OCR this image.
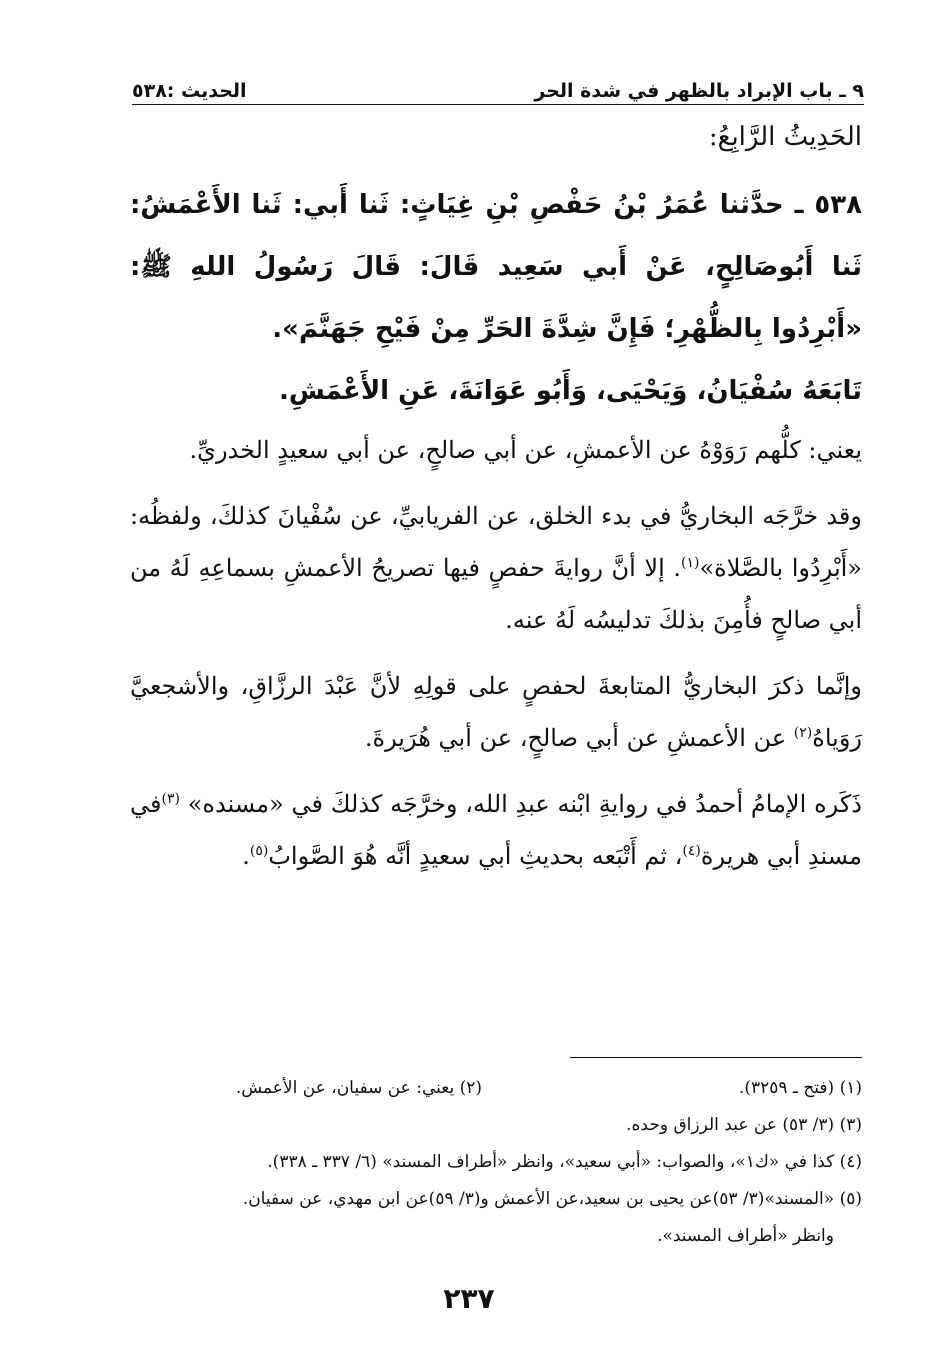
٩ ـ باب الإبراد بالظهر في شدة الحر
الحديث :٥٣٨

الحَدِيثُ الرَّابِعُ:

٥٣٨ ـ حدَّثنا عُمَرُ بْنُ حَفْصِ بْنِ غِيَاثٍ: ثَنا أَبي: ثَنا الأَعْمَشُ: ثَنا أَبُوصَالِحٍ، عَنْ أَبي سَعِيد قَالَ: قَالَ رَسُولُ اللهِ ﷺ: «أَبْرِدُوا بِالظُّهْرِ؛ فَإِنَّ شِدَّةَ الحَرِّ مِنْ فَيْحِ جَهَنَّمَ».

تَابَعَهُ سُفْيَانُ، وَيَحْيَى، وَأَبُو عَوَانَةَ، عَنِ الأَعْمَشِ.

يعني: كلُّهم رَوَوْهُ عن الأعمشِ، عن أبي صالحٍ، عن أبي سعيدٍ الخدريِّ.

وقد خرَّجَه البخاريُّ في بدء الخلق، عن الفريابيِّ، عن سُفْيانَ كذلكَ، ولفظُه: «أَبْرِدُوا بالصَّلاة»$^{(١)}$. إلا أنَّ روايةَ حفصٍ فيها تصريحُ الأعمشِ بسماعِهِ لَهُ من أبي صالحٍ فأُمِنَ بذلكَ تدليسُه لَهُ عنه.

وإنَّما ذكرَ البخاريُّ المتابعةَ لحفصٍ على قولِهِ لأنَّ عَبْدَ الرزَّاقِ، والأشجعيَّ رَوَياهُ$^{(٢)}$ عن الأعمشِ عن أبي صالحٍ، عن أبي هُرَيرةَ.

ذَكَره الإمامُ أحمدُ في روايةِ ابْنه عبدِ الله، وخرَّجَه كذلكَ في «مسنده» $^{(٣)}$في مسندِ أبي هريرة$^{(٤)}$، ثم أَتْبَعه بحديثِ أبي سعيدٍ أنَّه هُوَ الصَّوابُ$^{(٥)}$.

(١) (فتح ـ ٣٢٥٩).
(٢) يعني: عن سفيان، عن الأعمش.

(٣) (٣/ ٥٣) عن عبد الرزاق وحده.

(٤) كذا في «ك١»، والصواب: «أبي سعيد»، وانظر «أطراف المسند» (٦/ ٣٣٧ ـ ٣٣٨).

(٥) «المسند»(٣/ ٥٣)عن يحيى بن سعيد،عن الأعمش و(٣/ ٥٩)عن ابن مهدي، عن سفيان.

وانظر «أطراف المسند».

٢٣٧
